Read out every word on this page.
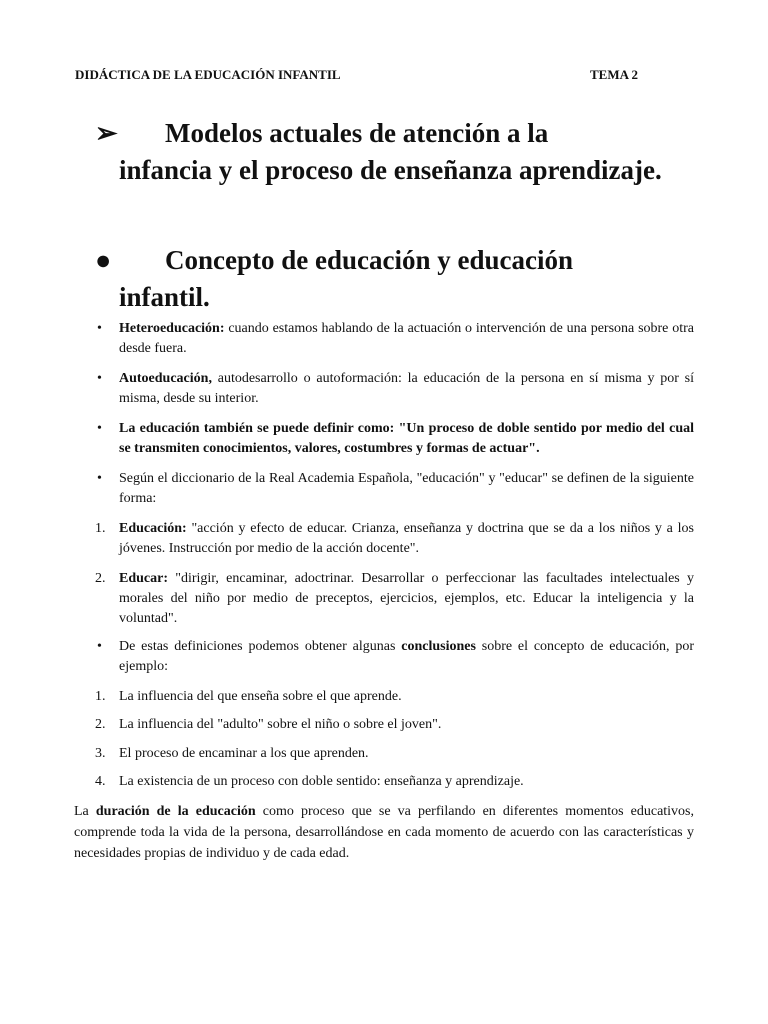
DIDÁCTICA DE LA EDUCACIÓN INFANTIL	TEMA 2
➢ Modelos actuales de atención a la
infancia y el proceso de enseñanza aprendizaje.
● Concepto de educación y educación
infantil.
• Heteroeducación: cuando estamos hablando de la actuación o intervención de una persona sobre otra desde fuera.
• Autoeducación, autodesarrollo o autoformación: la educación de la persona en sí misma y por sí misma, desde su interior.
• La educación también se puede definir como: "Un proceso de doble sentido por medio del cual se transmiten conocimientos, valores, costumbres y formas de actuar".
• Según el diccionario de la Real Academia Española, "educación" y "educar" se definen de la siguiente forma:
1. Educación: "acción y efecto de educar. Crianza, enseñanza y doctrina que se da a los niños y a los jóvenes. Instrucción por medio de la acción docente".
2. Educar: "dirigir, encaminar, adoctrinar. Desarrollar o perfeccionar las facultades intelectuales y morales del niño por medio de preceptos, ejercicios, ejemplos, etc. Educar la inteligencia y la voluntad".
• De estas definiciones podemos obtener algunas conclusiones sobre el concepto de educación, por ejemplo:
1. La influencia del que enseña sobre el que aprende.
2. La influencia del "adulto" sobre el niño o sobre el joven".
3. El proceso de encaminar a los que aprenden.
4. La existencia de un proceso con doble sentido: enseñanza y aprendizaje.
La duración de la educación como proceso que se va perfilando en diferentes momentos educativos, comprende toda la vida de la persona, desarrollándose en cada momento de acuerdo con las características y necesidades propias de individuo y de cada edad.
